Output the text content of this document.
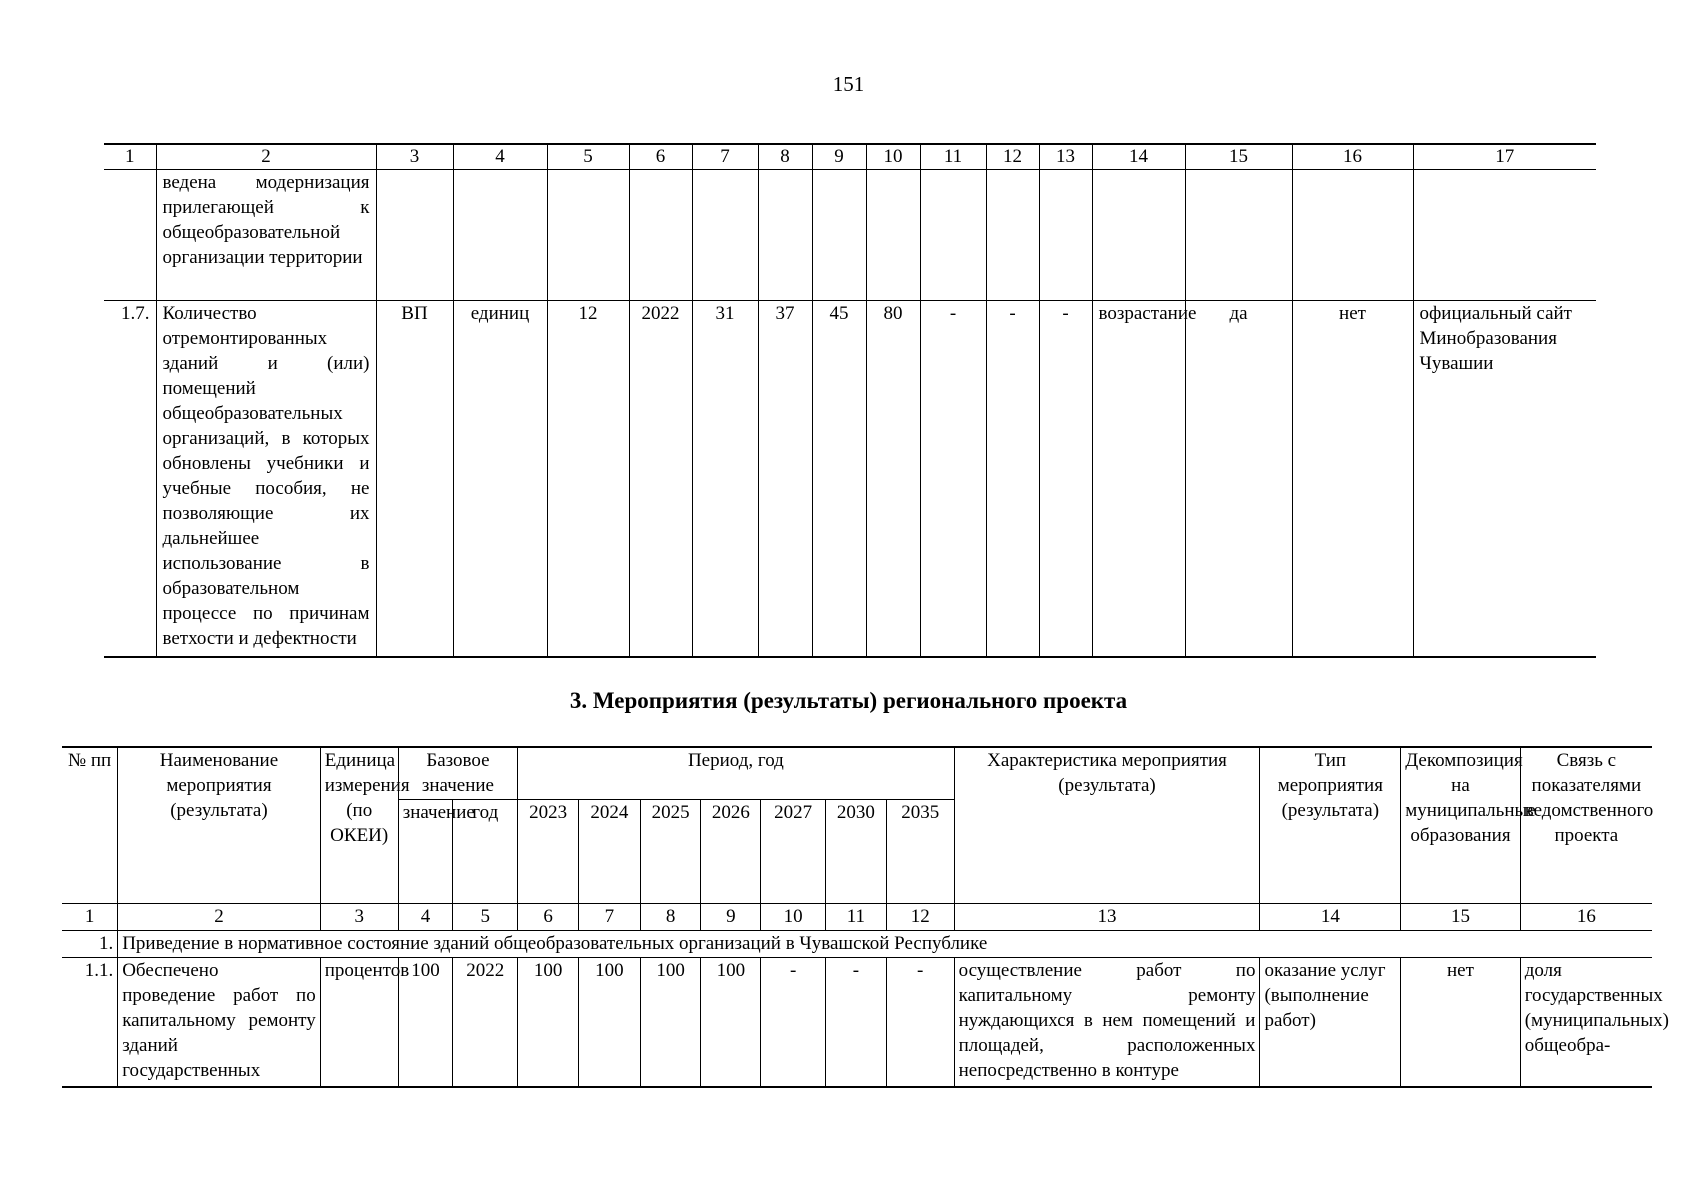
151
1	2	3	4	5	6	7	8	9	10	11	12	13	14	15	16	17
	ведена модернизация прилегающей к общеобразовательной организации территории															
1.7.	Количество отремонтированных зданий и (или) помещений общеобразовательных организаций, в которых обновлены учебники и учебные пособия, не позволяющие их дальнейшее использование в образовательном процессе по причинам ветхости и дефектности	ВП	единиц	12	2022	31	37	45	80	-	-	-	возрастание	да	нет	официальный сайт Минобразования Чувашии
3. Мероприятия (результаты) регионального проекта
№ пп	Наименование мероприятия (результата)	Единица измерения (по ОКЕИ)	Базовое значение		Период, год							Характеристика мероприятия (результата)	Тип мероприятия (результата)	Декомпозиция на муниципальные образования	Связь с показателями ведомственного проекта
			значение	год	2023	2024	2025	2026	2027	2030	2035				
1	2	3	4	5	6	7	8	9	10	11	12	13	14	15	16
1.	Приведение в нормативное состояние зданий общеобразовательных организаций в Чувашской Республике														
1.1.	Обеспечено проведение работ по капитальному ремонту зданий государственных	процентов	100	2022	100	100	100	100	-	-	-	осуществление работ по капитальному ремонту нуждающихся в нем помещений и площадей, расположенных непосредственно в контуре	оказание услуг (выполнение работ)	нет	доля государственных (муниципальных) общеобра-
